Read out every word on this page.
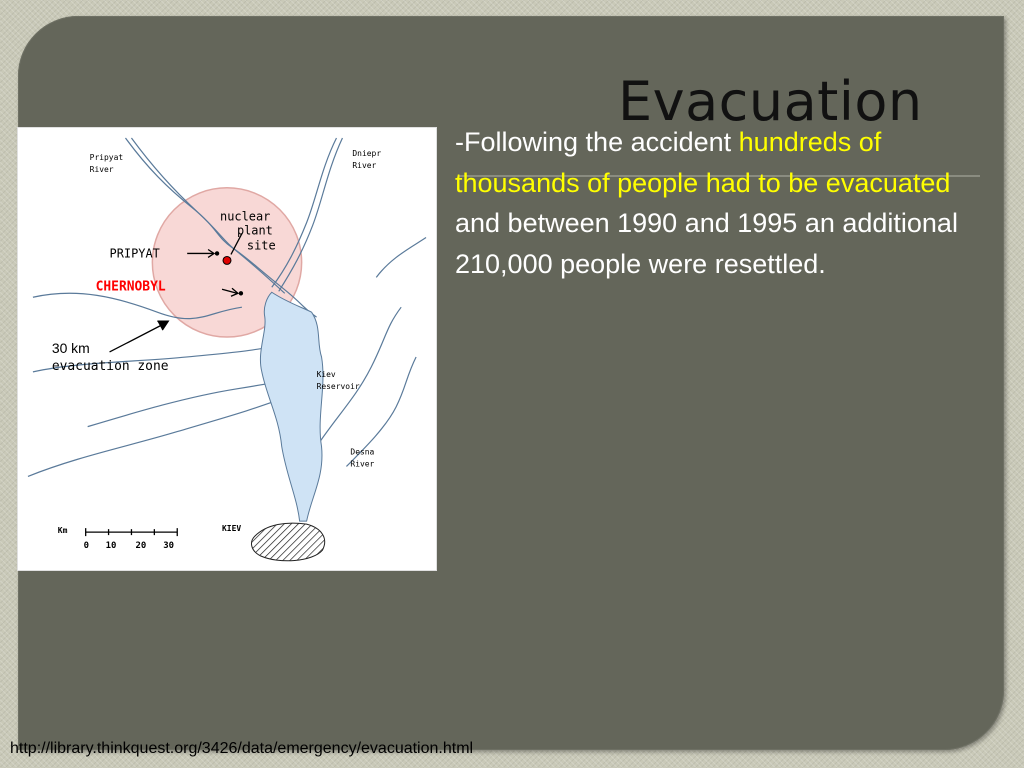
Evacuation
Pripyat
River
Dniepr
River
nuclear
plant
site
PRIPYAT
CHERNOBYL
30 km
evacuation zone
Kiev
Reservoir
Desna
River
KIEV
Km
0 10 20 30
-Following the accident hundreds of thousands of people had to be evacuated and between 1990 and 1995 an additional 210,000 people were resettled.
http://library.thinkquest.org/3426/data/emergency/evacuation.html
